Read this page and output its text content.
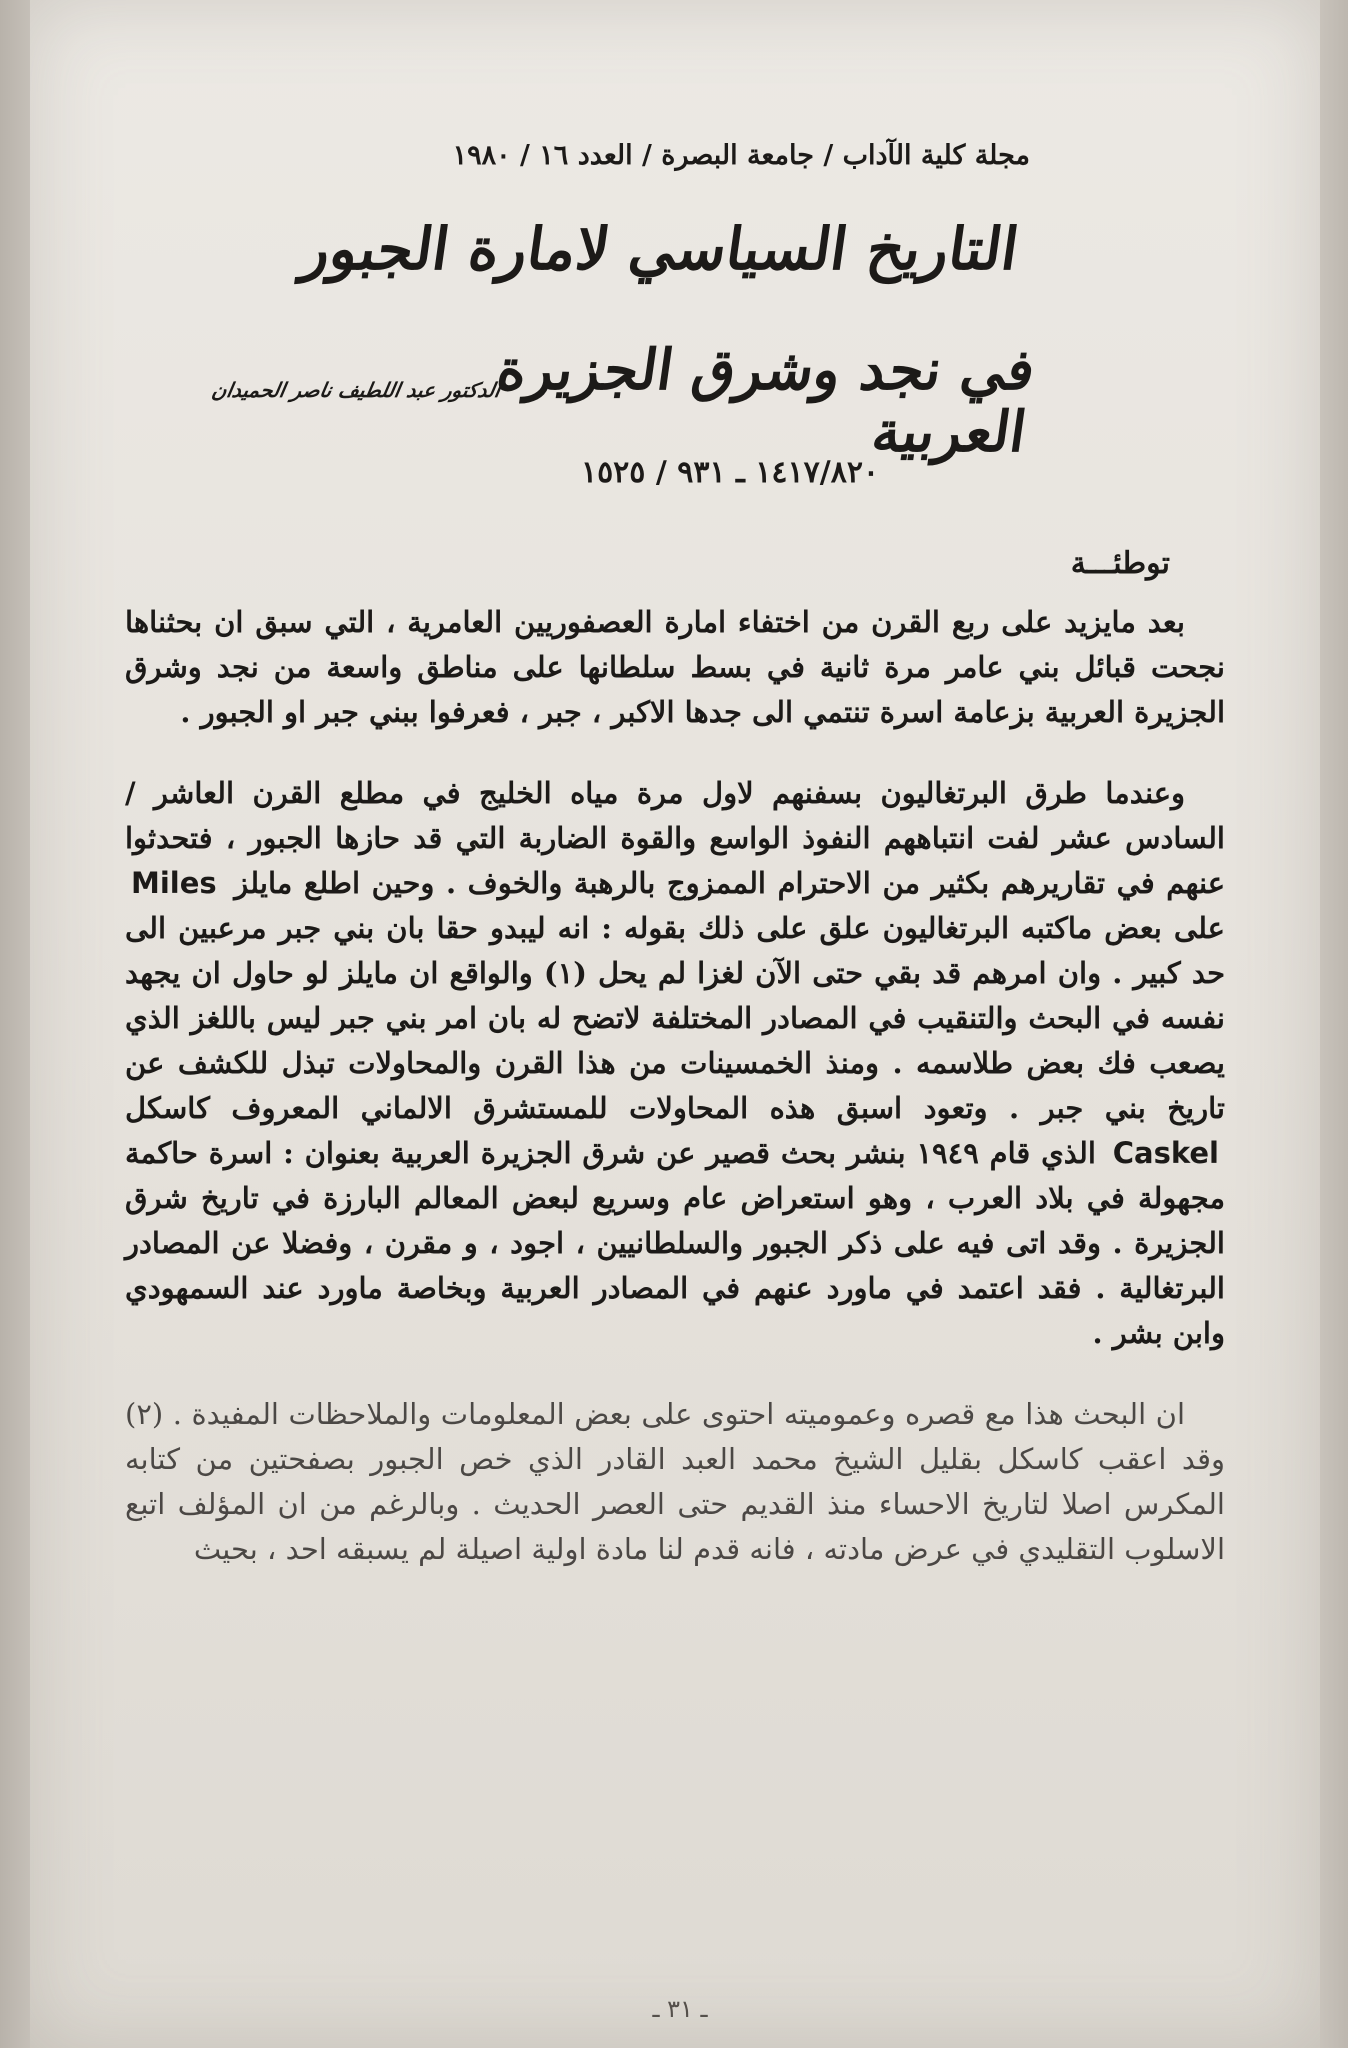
مجلة كلية الآداب / جامعة البصرة / العدد ١٦ / ١٩٨٠
التاريخ السياسي لامارة الجبور
في نجد وشرق الجزيرة العربية
الدكتور عبد اللطيف ناصر الحميدان
١٤١٧/٨٢٠ ـ ٩٣١ / ١٥٢٥
توطئـــة

بعد مايزيد على ربع القرن من اختفاء امارة العصفوريين العامرية ، التي سبق ان بحثناها نجحت قبائل بني عامر مرة ثانية في بسط سلطانها على مناطق واسعة من نجد وشرق الجزيرة العربية بزعامة اسرة تنتمي الى جدها الاكبر ، جبر ، فعرفوا ببني جبر او الجبور .

وعندما طرق البرتغاليون بسفنهم لاول مرة مياه الخليج في مطلع القرن العاشر / السادس عشر لفت انتباههم النفوذ الواسع والقوة الضاربة التي قد حازها الجبور ، فتحدثوا عنهم في تقاريرهم بكثير من الاحترام الممزوج بالرهبة والخوف . وحين اطلع مايلز Miles على بعض ماكتبه البرتغاليون علق على ذلك بقوله : انه ليبدو حقا بان بني جبر مرعبين الى حد كبير . وان امرهم قد بقي حتى الآن لغزا لم يحل (١) والواقع ان مايلز لو حاول ان يجهد نفسه في البحث والتنقيب في المصادر المختلفة لاتضح له بان امر بني جبر ليس باللغز الذي يصعب فك بعض طلاسمه . ومنذ الخمسينات من هذا القرن والمحاولات تبذل للكشف عن تاريخ بني جبر . وتعود اسبق هذه المحاولات للمستشرق الالماني المعروف كاسكل Caskel الذي قام ١٩٤٩ بنشر بحث قصير عن شرق الجزيرة العربية بعنوان : اسرة حاكمة مجهولة في بلاد العرب ، وهو استعراض عام وسريع لبعض المعالم البارزة في تاريخ شرق الجزيرة . وقد اتى فيه على ذكر الجبور والسلطانيين ، اجود ، و مقرن ، وفضلا عن المصادر البرتغالية . فقد اعتمد في ماورد عنهم في المصادر العربية وبخاصة ماورد عند السمهودي وابن بشر .

ان البحث هذا مع قصره وعموميته احتوى على بعض المعلومات والملاحظات المفيدة . (٢) وقد اعقب كاسكل بقليل الشيخ محمد العبد القادر الذي خص الجبور بصفحتين من كتابه المكرس اصلا لتاريخ الاحساء منذ القديم حتى العصر الحديث . وبالرغم من ان المؤلف اتبع الاسلوب التقليدي في عرض مادته ، فانه قدم لنا مادة اولية اصيلة لم يسبقه احد ، بحيث

ـ ٣١ ـ
